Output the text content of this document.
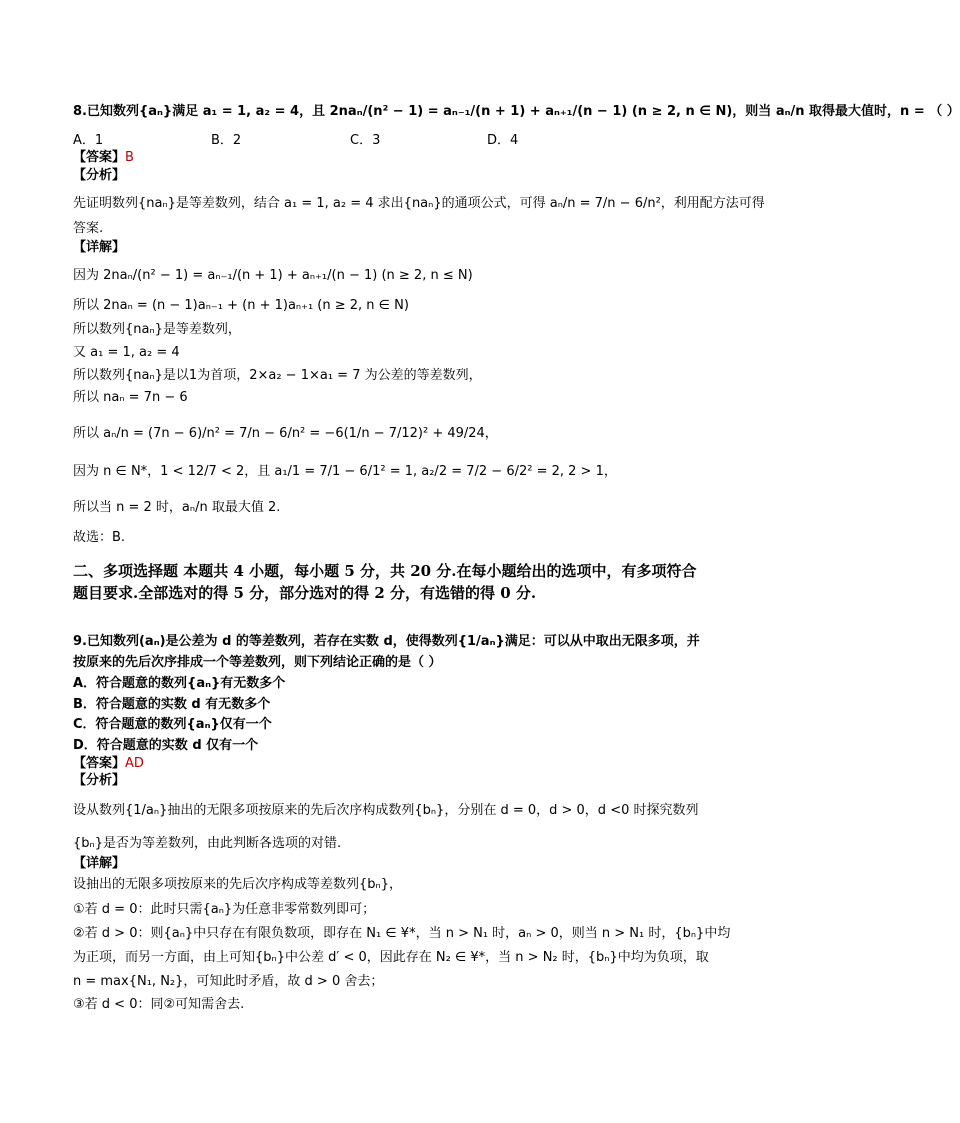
8.已知数列{aₙ}满足 a₁ = 1, a₂ = 4，且 2naₙ/(n² − 1) = aₙ₋₁/(n + 1) + aₙ₊₁/(n − 1) (n ≥ 2, n ∈ N)，则当 aₙ/n 取得最大值时，n = （ ）
A．1	B．2	C．3	D．4
【答案】B
【分析】
先证明数列{naₙ}是等差数列，结合 a₁ = 1, a₂ = 4 求出{naₙ}的通项公式，可得 aₙ/n = 7/n − 6/n²，利用配方法可得
答案.
【详解】
因为 2naₙ/(n² − 1) = aₙ₋₁/(n + 1) + aₙ₊₁/(n − 1) (n ≥ 2, n ≤ N)
所以 2naₙ = (n − 1)aₙ₋₁ + (n + 1)aₙ₊₁ (n ≥ 2, n ∈ N)
所以数列{naₙ}是等差数列，
又 a₁ = 1, a₂ = 4
所以数列{naₙ}是以1为首项，2×a₂ − 1×a₁ = 7 为公差的等差数列，
所以 naₙ = 7n − 6
所以 aₙ/n = (7n − 6)/n² = 7/n − 6/n² = −6(1/n − 7/12)² + 49/24，
因为 n ∈ N*，1 < 12/7 < 2，且 a₁/1 = 7/1 − 6/1² = 1, a₂/2 = 7/2 − 6/2² = 2, 2 > 1，
所以当 n = 2 时，aₙ/n 取最大值 2.
故选：B.
二、多项选择题 本题共 4 小题，每小题 5 分，共 20 分.在每小题给出的选项中，有多项符合
题目要求.全部选对的得 5 分，部分选对的得 2 分，有选错的得 0 分.
9.已知数列(aₙ)是公差为 d 的等差数列，若存在实数 d，使得数列{1/aₙ}满足：可以从中取出无限多项，并
按原来的先后次序排成一个等差数列，则下列结论正确的是（ ）
A．符合题意的数列{aₙ}有无数多个
B．符合题意的实数 d 有无数多个
C．符合题意的数列{aₙ}仅有一个
D．符合题意的实数 d 仅有一个
【答案】AD
【分析】
设从数列{1/aₙ}抽出的无限多项按原来的先后次序构成数列{bₙ}，分别在 d = 0，d > 0，d <0 时探究数列
{bₙ}是否为等差数列，由此判断各选项的对错.
【详解】
设抽出的无限多项按原来的先后次序构成等差数列{bₙ}，
①若 d = 0：此时只需{aₙ}为任意非零常数列即可；
②若 d > 0：则{aₙ}中只存在有限负数项，即存在 N₁ ∈ ¥*，当 n > N₁ 时，aₙ > 0，则当 n > N₁ 时，{bₙ}中均
为正项，而另一方面，由上可知{bₙ}中公差 d′ < 0，因此存在 N₂ ∈ ¥*，当 n > N₂ 时，{bₙ}中均为负项，取
n = max{N₁, N₂}，可知此时矛盾，故 d > 0 舍去；
③若 d < 0：同②可知需舍去.
